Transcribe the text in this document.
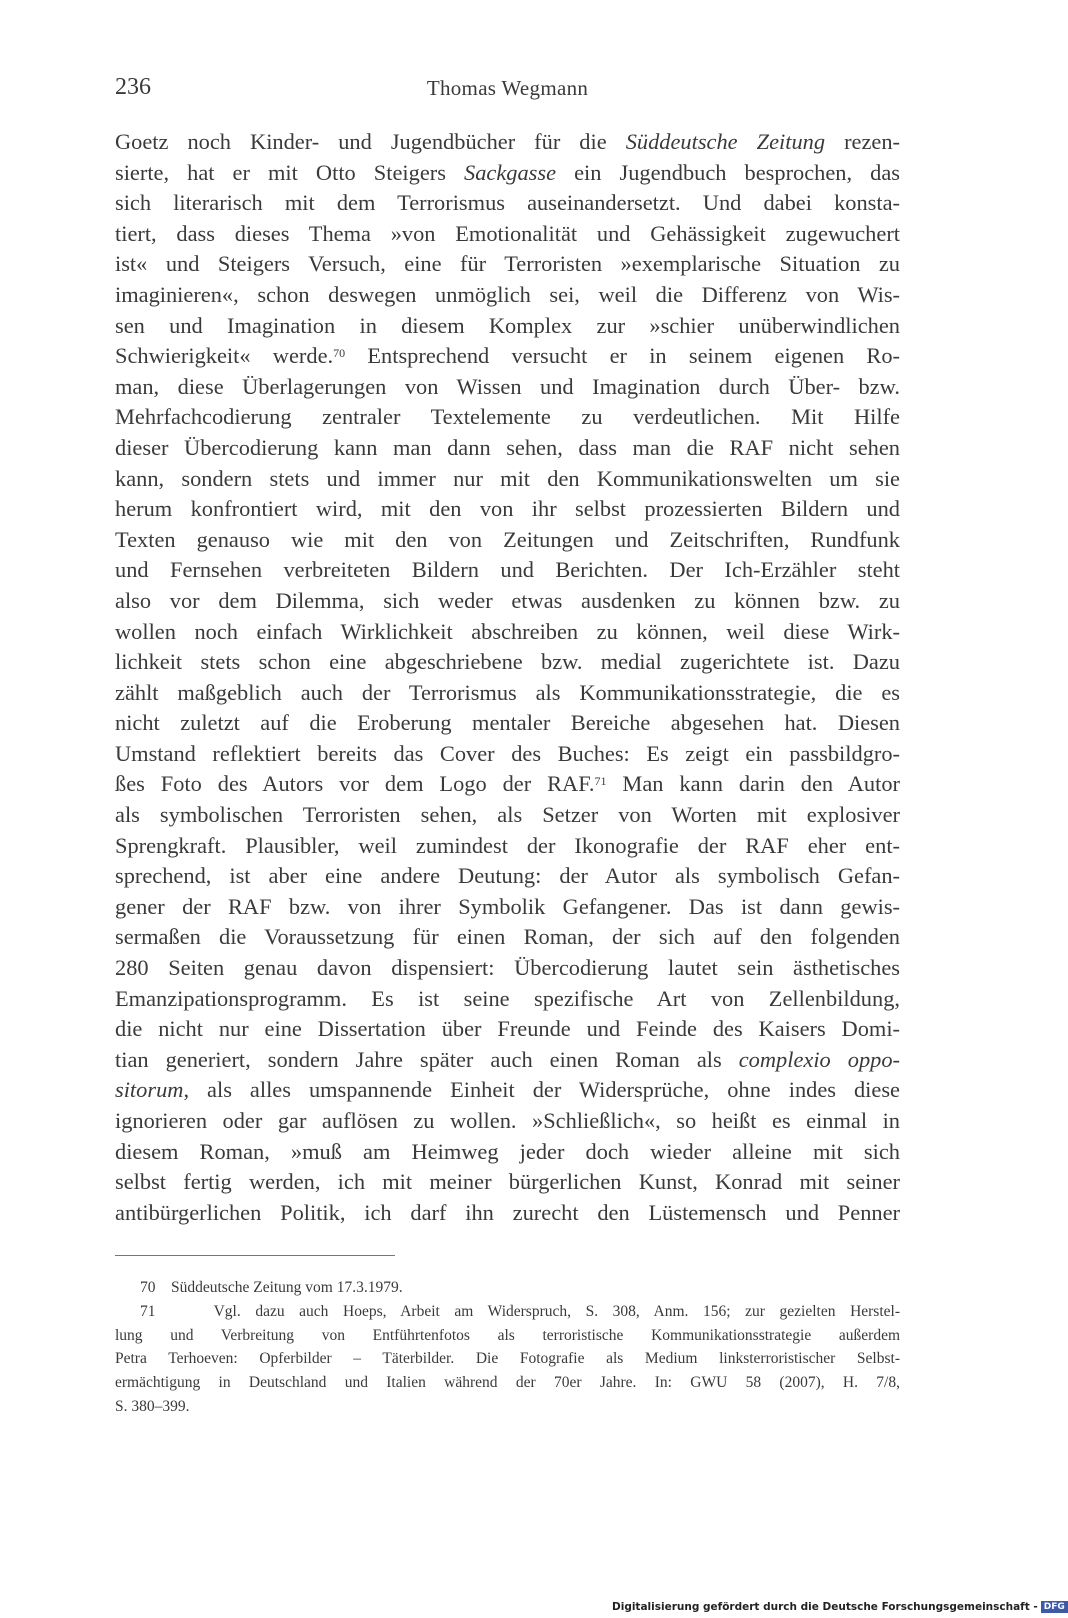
236	Thomas Wegmann
Goetz noch Kinder- und Jugendbücher für die Süddeutsche Zeitung rezen-
sierte, hat er mit Otto Steigers Sackgasse ein Jugendbuch besprochen, das
sich literarisch mit dem Terrorismus auseinandersetzt. Und dabei konsta-
tiert, dass dieses Thema »von Emotionalität und Gehässigkeit zugewuchert
ist« und Steigers Versuch, eine für Terroristen »exemplarische Situation zu
imaginieren«, schon deswegen unmöglich sei, weil die Differenz von Wis-
sen und Imagination in diesem Komplex zur »schier unüberwindlichen
Schwierigkeit« werde.$^{70}$ Entsprechend versucht er in seinem eigenen Ro-
man, diese Überlagerungen von Wissen und Imagination durch Über- bzw.
Mehrfachcodierung zentraler Textelemente zu verdeutlichen. Mit Hilfe
dieser Übercodierung kann man dann sehen, dass man die RAF nicht sehen
kann, sondern stets und immer nur mit den Kommunikationswelten um sie
herum konfrontiert wird, mit den von ihr selbst prozessierten Bildern und
Texten genauso wie mit den von Zeitungen und Zeitschriften, Rundfunk
und Fernsehen verbreiteten Bildern und Berichten. Der Ich-Erzähler steht
also vor dem Dilemma, sich weder etwas ausdenken zu können bzw. zu
wollen noch einfach Wirklichkeit abschreiben zu können, weil diese Wirk-
lichkeit stets schon eine abgeschriebene bzw. medial zugerichtete ist. Dazu
zählt maßgeblich auch der Terrorismus als Kommunikationsstrategie, die es
nicht zuletzt auf die Eroberung mentaler Bereiche abgesehen hat. Diesen
Umstand reflektiert bereits das Cover des Buches: Es zeigt ein passbildgro-
ßes Foto des Autors vor dem Logo der RAF.$^{71}$ Man kann darin den Autor
als symbolischen Terroristen sehen, als Setzer von Worten mit explosiver
Sprengkraft. Plausibler, weil zumindest der Ikonografie der RAF eher ent-
sprechend, ist aber eine andere Deutung: der Autor als symbolisch Gefan-
gener der RAF bzw. von ihrer Symbolik Gefangener. Das ist dann gewis-
sermaßen die Voraussetzung für einen Roman, der sich auf den folgenden
280 Seiten genau davon dispensiert: Übercodierung lautet sein ästhetisches
Emanzipationsprogramm. Es ist seine spezifische Art von Zellenbildung,
die nicht nur eine Dissertation über Freunde und Feinde des Kaisers Domi-
tian generiert, sondern Jahre später auch einen Roman als complexio oppo-
sitorum, als alles umspannende Einheit der Widersprüche, ohne indes diese
ignorieren oder gar auflösen zu wollen. »Schließlich«, so heißt es einmal in
diesem Roman, »muß am Heimweg jeder doch wieder alleine mit sich
selbst fertig werden, ich mit meiner bürgerlichen Kunst, Konrad mit seiner
antibürgerlichen Politik, ich darf ihn zurecht den Lüstemensch und Penner
70    Süddeutsche Zeitung vom 17.3.1979.
71    Vgl. dazu auch Hoeps, Arbeit am Widerspruch, S. 308, Anm. 156; zur gezielten Herstel-
lung und Verbreitung von Entführtenfotos als terroristische Kommunikationsstrategie außerdem
Petra Terhoeven: Opferbilder – Täterbilder. Die Fotografie als Medium linksterroristischer Selbst-
ermächtigung in Deutschland und Italien während der 70er Jahre. In: GWU 58 (2007), H. 7/8,
S. 380–399.
Digitalisierung gefördert durch die Deutsche Forschungsgemeinschaft - DFG
